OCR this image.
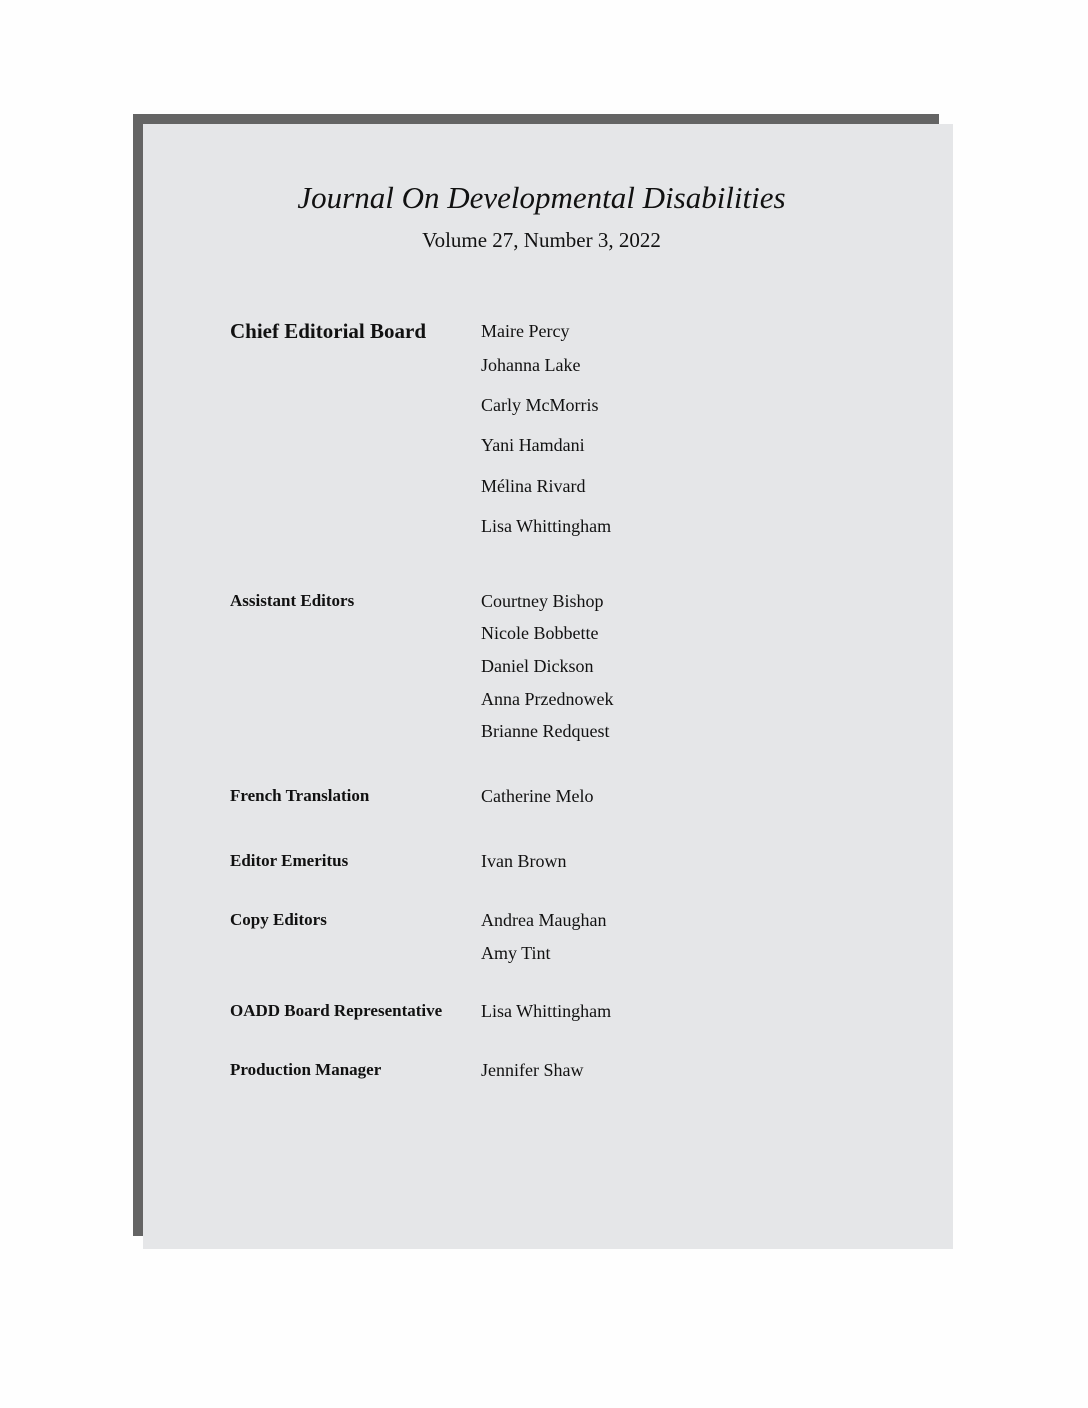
Journal On Developmental Disabilities
Volume 27, Number 3, 2022
Chief Editorial Board	Maire Percy
Johanna Lake
Carly McMorris
Yani Hamdani
Mélina Rivard
Lisa Whittingham
Assistant Editors	Courtney Bishop
Nicole Bobbette
Daniel Dickson
Anna Przednowek
Brianne Redquest
French Translation	Catherine Melo
Editor Emeritus	Ivan Brown
Copy Editors	Andrea Maughan
Amy Tint
OADD Board Representative Lisa Whittingham
Production Manager	Jennifer Shaw
